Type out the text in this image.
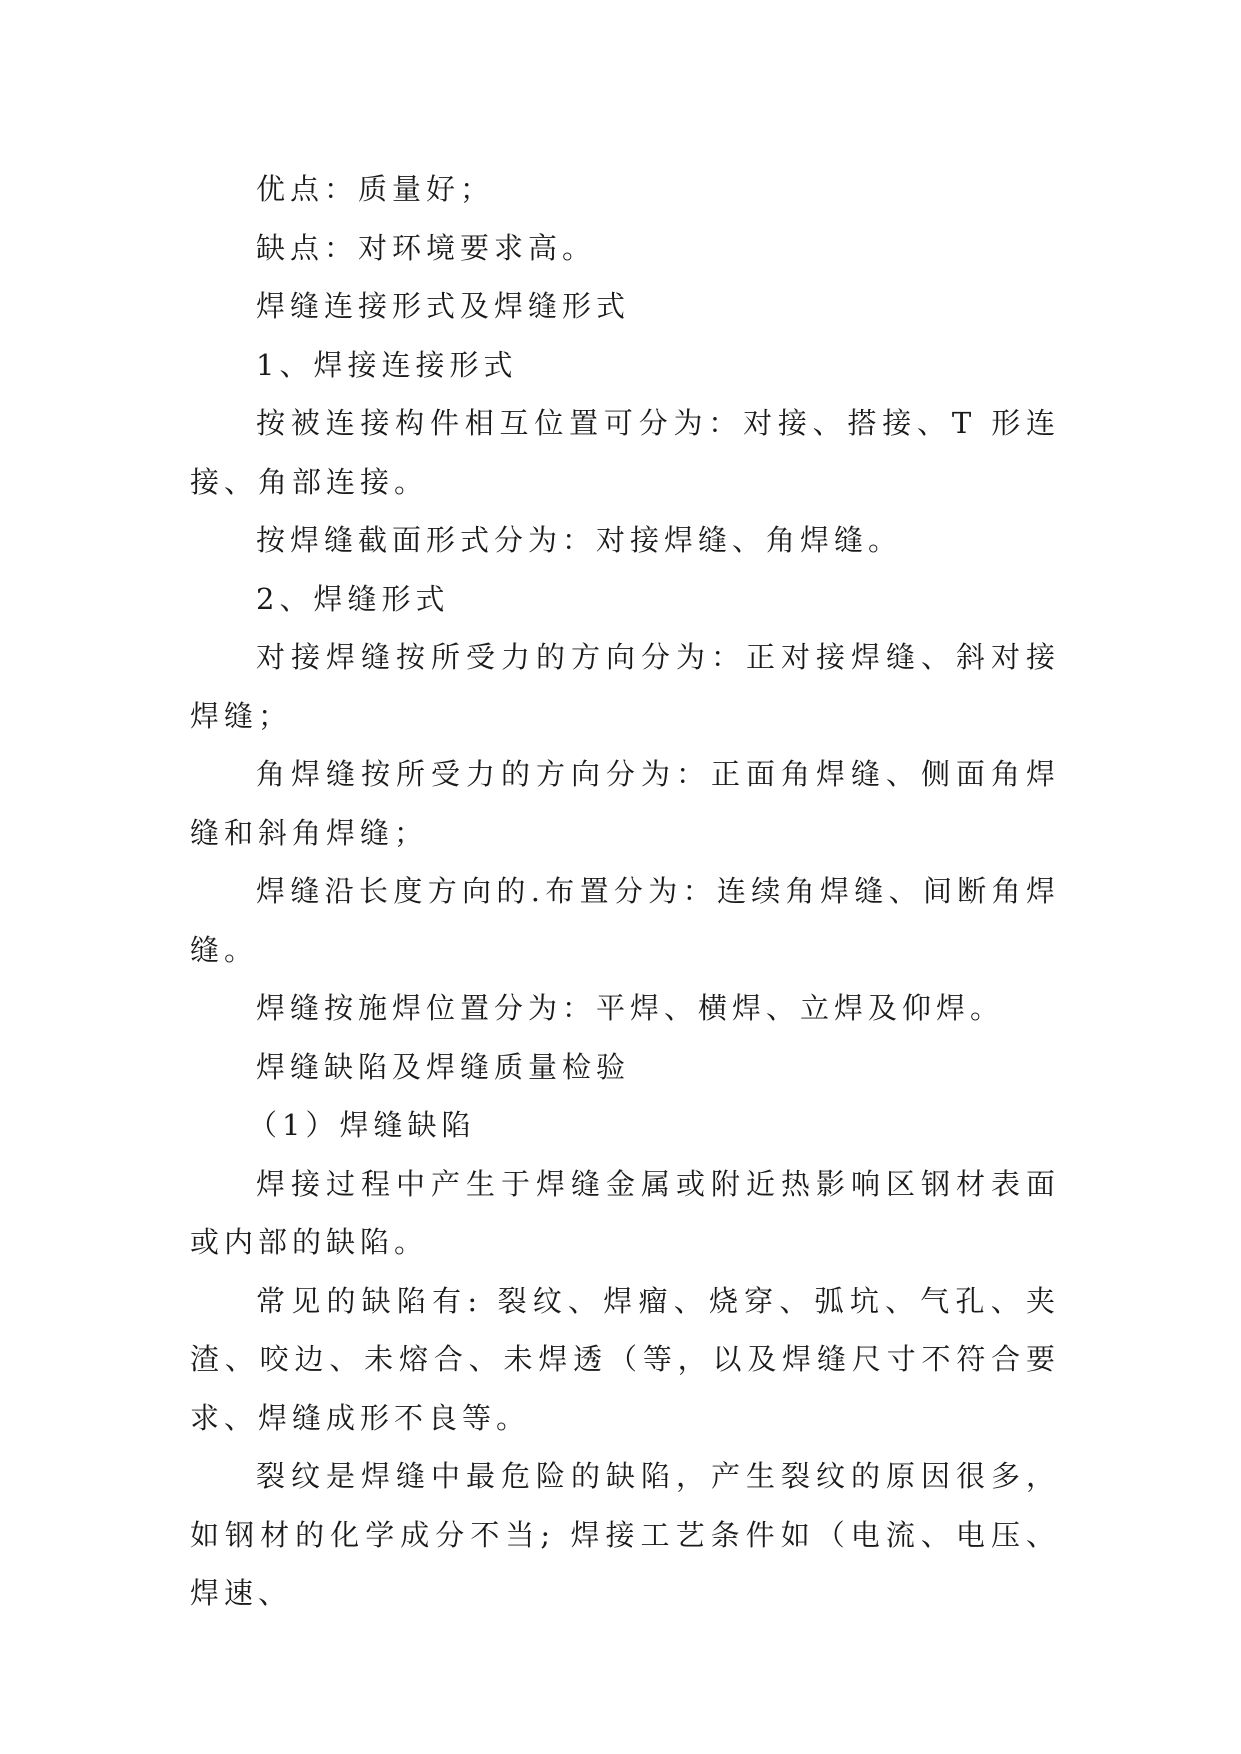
优点：质量好；

缺点：对环境要求高。

焊缝连接形式及焊缝形式

1、焊接连接形式

按被连接构件相互位置可分为：对接、搭接、T 形连接、角部连接。

按焊缝截面形式分为：对接焊缝、角焊缝。

2、焊缝形式

对接焊缝按所受力的方向分为：正对接焊缝、斜对接焊缝；

角焊缝按所受力的方向分为：正面角焊缝、侧面角焊缝和斜角焊缝；

焊缝沿长度方向的.布置分为：连续角焊缝、间断角焊缝。

焊缝按施焊位置分为：平焊、横焊、立焊及仰焊。

焊缝缺陷及焊缝质量检验

（1）焊缝缺陷

焊接过程中产生于焊缝金属或附近热影响区钢材表面或内部的缺陷。

常见的缺陷有: 裂纹、焊瘤、烧穿、弧坑、气孔、夹渣、咬边、未熔合、未焊透（等，以及焊缝尺寸不符合要求、焊缝成形不良等。

裂纹是焊缝中最危险的缺陷，产生裂纹的原因很多，如钢材的化学成分不当; 焊接工艺条件如（电流、电压、焊速、
